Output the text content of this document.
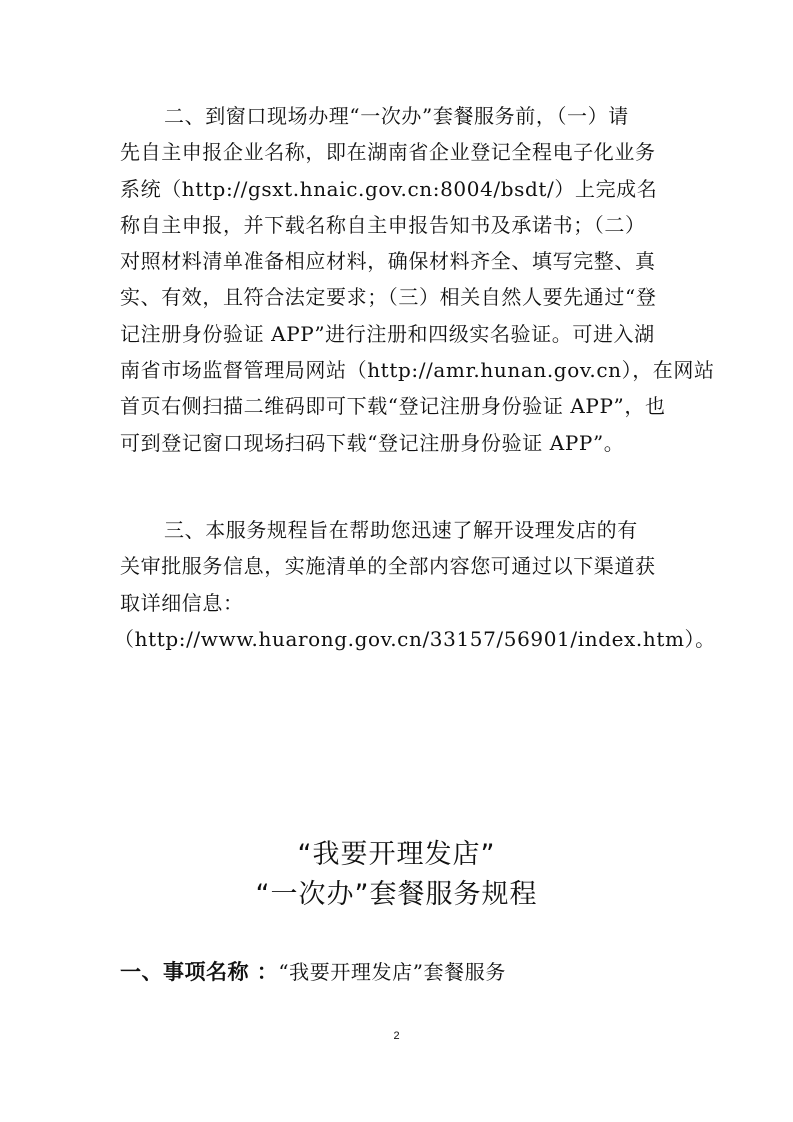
二、到窗口现场办理“一次办”套餐服务前，（一）请
先自主申报企业名称，即在湖南省企业登记全程电子化业务
系统（http://gsxt.hnaic.gov.cn:8004/bsdt/）上完成名
称自主申报，并下载名称自主申报告知书及承诺书；（二）
对照材料清单准备相应材料，确保材料齐全、填写完整、真
实、有效，且符合法定要求；（三）相关自然人要先通过“登
记注册身份验证 APP”进行注册和四级实名验证。可进入湖
南省市场监督管理局网站（http://amr.hunan.gov.cn），在网站
首页右侧扫描二维码即可下载“登记注册身份验证 APP”，也
可到登记窗口现场扫码下载“登记注册身份验证 APP”。
三、本服务规程旨在帮助您迅速了解开设理发店的有
关审批服务信息，实施清单的全部内容您可通过以下渠道获
取详细信息：
（http://www.huarong.gov.cn/33157/56901/index.htm）。
“我要开理发店”
“一次办”套餐服务规程
一、事项名称 ：“我要开理发店”套餐服务
2
